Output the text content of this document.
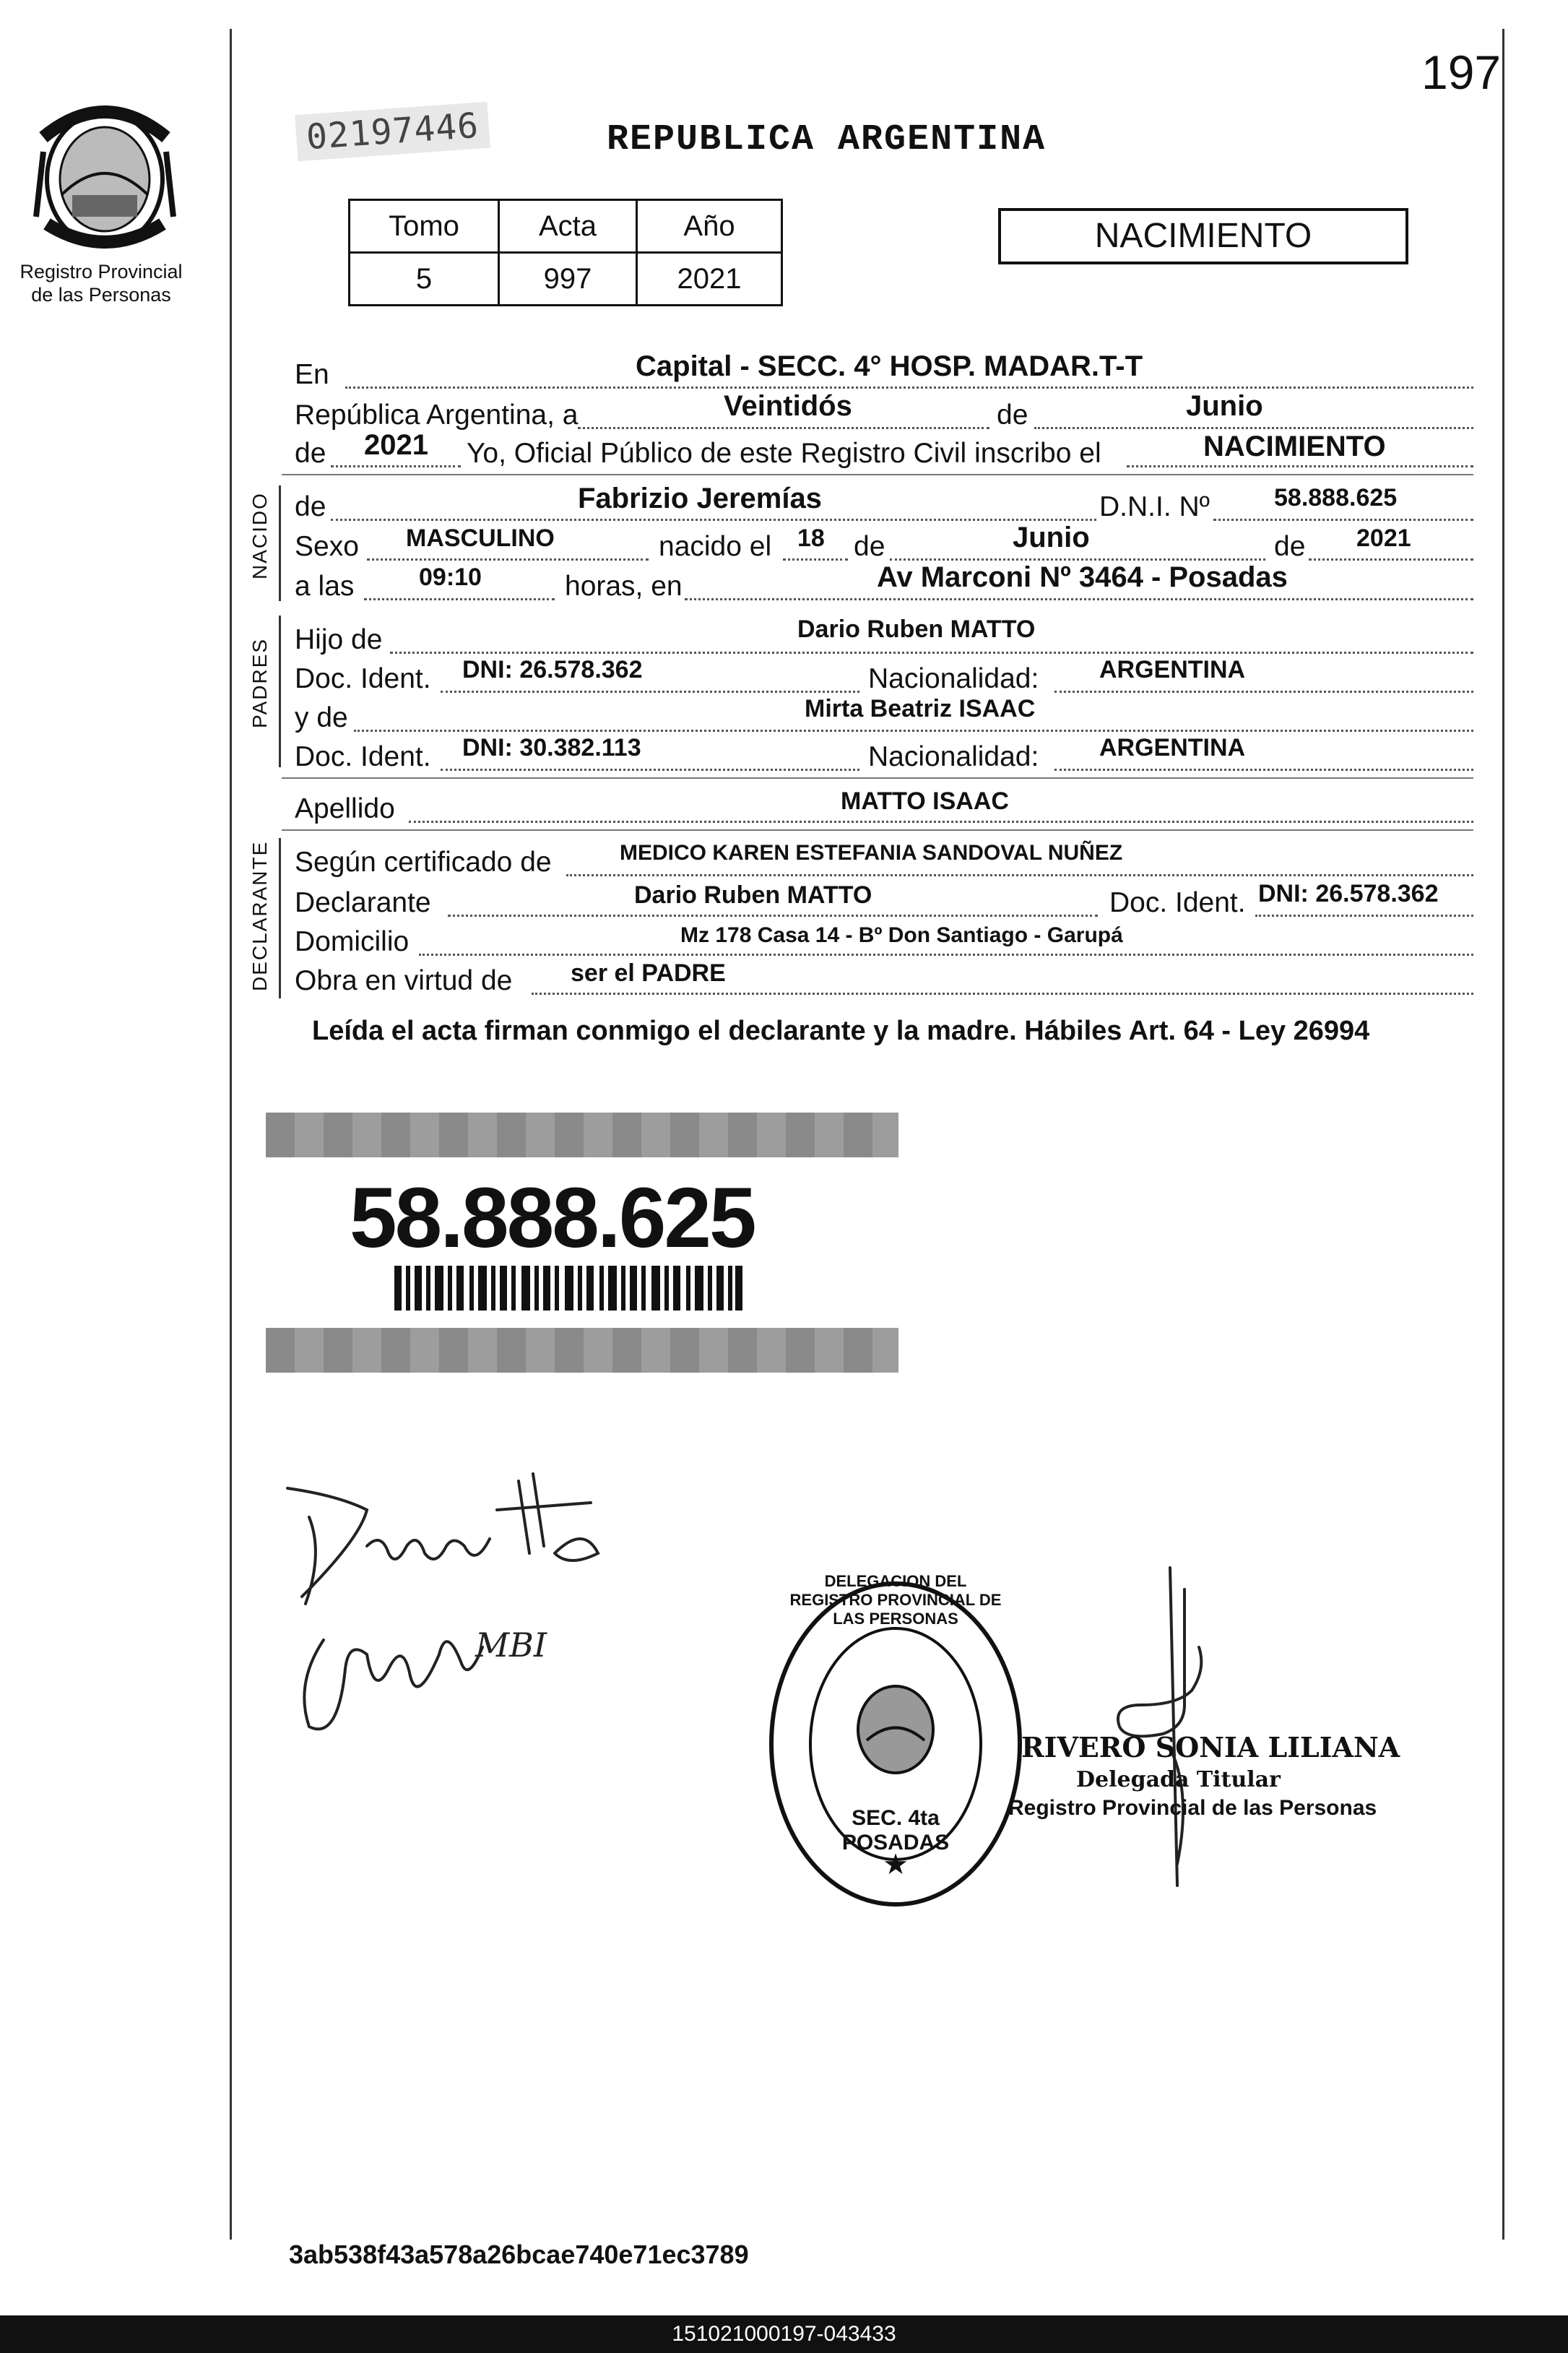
197
Registro Provincial de las Personas
02197446	REPUBLICA ARGENTINA
Tomo	Acta	Año
5	997	2021
NACIMIENTO
En	Capital - SECC. 4° HOSP. MADAR.T-T
República Argentina, a	Veintidós	de	Junio
de 2021 Yo, Oficial Público de este Registro Civil inscribo el	NACIMIENTO
NACIDO de	Fabrizio Jeremías	D.N.I. Nº	58.888.625
Sexo MASCULINO	nacido el 18 de	Junio	de 2021
a las	09:10	horas, en	Av Marconi Nº 3464 - Posadas
PADRES Hijo de	Dario Ruben MATTO
Doc. Ident. DNI: 26.578.362	Nacionalidad: ARGENTINA
y de	Mirta Beatriz ISAAC
Doc. Ident. DNI: 30.382.113	Nacionalidad: ARGENTINA
Apellido	MATTO ISAAC
DECLARANTE Según certificado de	MEDICO KAREN ESTEFANIA SANDOVAL NUÑEZ
Declarante	Dario Ruben MATTO	Doc. Ident. DNI: 26.578.362
Domicilio	Mz 178 Casa 14 - Bº Don Santiago - Garupá
Obra en virtud de ser el PADRE
Leída el acta firman conmigo el declarante y la madre. Hábiles Art. 64 - Ley 26994
58.888.625
MBI
★
DELEGACION DEL REGISTRO PROVINCIAL DE LAS PERSONAS
SEC. 4ta POSADAS
RIVERO SONIA LILIANA
Delegada Titular
Registro Provincial de las Personas
3ab538f43a578a26bcae740e71ec3789
151021000197-043433
